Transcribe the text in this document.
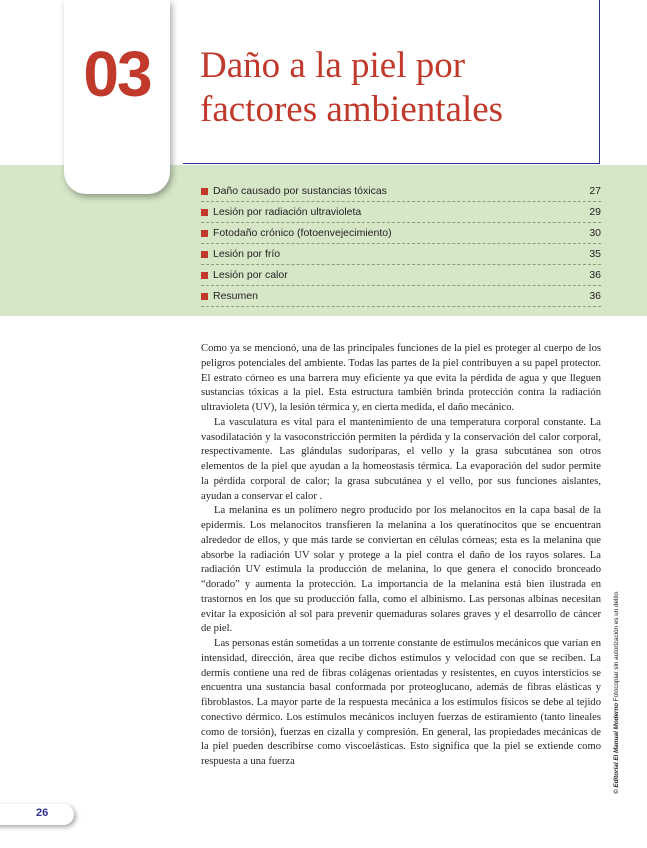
03	Daño a la piel por factores ambientales
Daño causado por sustancias tóxicas	27
Lesión por radiación ultravioleta	29
Fotodaño crónico (fotoenvejecimiento)	30
Lesión por frío	35
Lesión por calor	36
Resumen	36

Como ya se mencionó, una de las principales funciones de la piel es proteger al cuerpo de los peligros potenciales del ambiente. Todas las partes de la piel contribuyen a su papel protector. El estrato córneo es una barrera muy eficiente ya que evita la pérdida de agua y que lleguen sustancias tóxicas a la piel. Esta estructura también brinda protección contra la radiación ultravioleta (UV), la lesión térmica y, en cierta medida, el daño mecánico.

La vasculatura es vital para el mantenimiento de una temperatura corporal constante. La vasodilatación y la vasoconstricción permiten la pérdida y la conservación del calor corporal, respectivamente. Las glándulas sudoríparas, el vello y la grasa subcutánea son otros elementos de la piel que ayudan a la homeostasis térmica. La evaporación del sudor permite la pérdida corporal de calor; la grasa subcutánea y el vello, por sus funciones aislantes, ayudan a conservar el calor .

La melanina es un polímero negro producido por los melanocitos en la capa basal de la epidermis. Los melanocitos transfieren la melanina a los queratinocitos que se encuentran alrededor de ellos, y que más tarde se conviertan en células córneas; esta es la melanina que absorbe la radiación UV solar y protege a la piel contra el daño de los rayos solares. La radiación UV estimula la producción de melanina, lo que genera el conocido bronceado “dorado” y aumenta la protección. La importancia de la melanina está bien ilustrada en trastornos en los que su producción falla, como el albinismo. Las personas albinas necesitan evitar la exposición al sol para prevenir quemaduras solares graves y el desarrollo de cáncer de piel.

Las personas están sometidas a un torrente constante de estímulos mecánicos que varían en intensidad, dirección, área que recibe dichos estímulos y velocidad con que se reciben. La dermis contiene una red de fibras colágenas orientadas y resistentes, en cuyos intersticios se encuentra una sustancia basal conformada por proteoglucano, además de fibras elásticas y fibroblastos. La mayor parte de la respuesta mecánica a los estímulos físicos se debe al tejido conectivo dérmico. Los estímulos mecánicos incluyen fuerzas de estiramiento (tanto lineales como de torsión), fuerzas en cizalla y compresión. En general, las propiedades mecánicas de la piel pueden describirse como viscoelásticas. Esto significa que la piel se extiende como respuesta a una fuerza	© Editorial El Manual Moderno Fotocopiar sin autorización es un delito.
26
